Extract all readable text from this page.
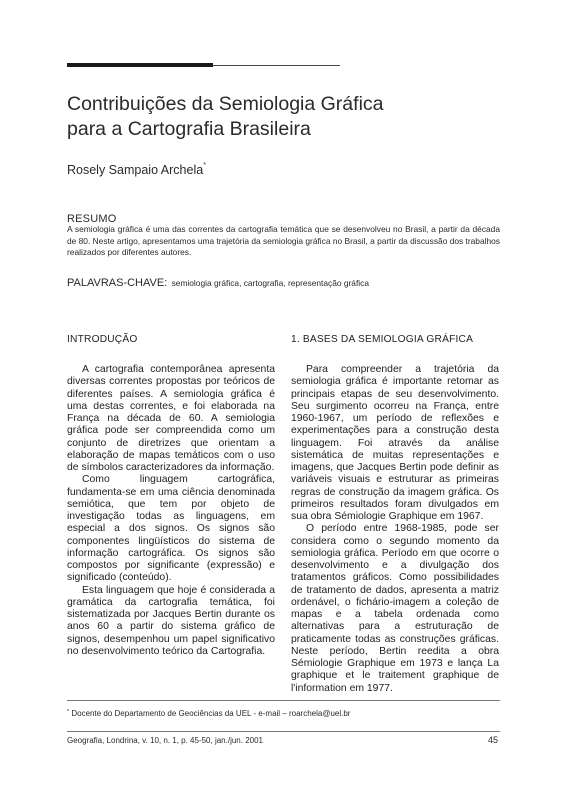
Contribuições da Semiologia Gráfica
para a Cartografia Brasileira
Rosely Sampaio Archela*
RESUMO
A semiologia gráfica é uma das correntes da cartografia temática que se desenvolveu no Brasil, a partir da década de 80. Neste artigo, apresentamos uma trajetória da semiologia gráfica no Brasil, a partir da discussão dos trabalhos realizados por diferentes autores.
PALAVRAS-CHAVE: semiologia gráfica, cartografia, representação gráfica
INTRODUÇÃO

A cartografia contemporânea apresenta diversas correntes propostas por teóricos de diferentes países. A semiologia gráfica é uma destas correntes, e foi elaborada na França na década de 60. A semiologia gráfica pode ser compreendida como um conjunto de diretrizes que orientam a elaboração de mapas temáticos com o uso de símbolos caracterizadores da informação.

Como linguagem cartográfica, fundamenta-se em uma ciência denominada semiótica, que tem por objeto de investigação todas as linguagens, em especial a dos signos. Os signos são componentes lingüísticos do sistema de informação cartográfica. Os signos são compostos por significante (expressão) e significado (conteúdo).

Esta linguagem que hoje é considerada a gramática da cartografia temática, foi sistematizada por Jacques Bertin durante os anos 60 a partir do sistema gráfico de signos, desempenhou um papel significativo no desenvolvimento teórico da Cartografia.

1. BASES DA SEMIOLOGIA GRÁFICA

Para compreender a trajetória da semiologia gráfica é importante retomar as principais etapas de seu desenvolvimento. Seu surgimento ocorreu na França, entre 1960-1967, um período de reflexões e experimentações para a construção desta linguagem. Foi através da análise sistemática de muitas representações e imagens, que Jacques Bertin pode definir as variáveis visuais e estruturar as primeiras regras de construção da imagem gráfica. Os primeiros resultados foram divulgados em sua obra Sémiologie Graphique em 1967.

O período entre 1968-1985, pode ser considera como o segundo momento da semiologia gráfica. Período em que ocorre o desenvolvimento e a divulgação dos tratamentos gráficos. Como possibilidades de tratamento de dados, apresenta a matriz ordenável, o fichário-imagem a coleção de mapas e a tabela ordenada como alternativas para a estruturação de praticamente todas as construções gráficas. Neste período, Bertin reedita a obra Sémiologie Graphique em 1973 e lança La graphique et le traitement graphique de l'information em 1977.

* Docente do Departamento de Geociências da UEL - e-mail – roarchela@uel.br
Geografia, Londrina, v. 10, n. 1, p. 45-50, jan./jun. 2001	45
